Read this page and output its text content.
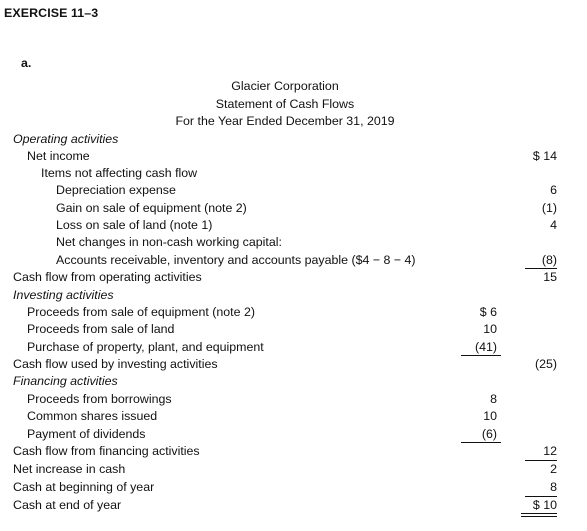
EXERCISE 11–3
a.
Glacier Corporation
Statement of Cash Flows
For the Year Ended December 31, 2019
Operating activities
Net income	$ 14
Items not affecting cash flow
Depreciation expense	6
Gain on sale of equipment (note 2)	(1)
Loss on sale of land (note 1)	4
Net changes in non-cash working capital:
Accounts receivable, inventory and accounts payable ($4 − 8 − 4)	(8)
Cash flow from operating activities	15
Investing activities
Proceeds from sale of equipment (note 2)	$ 6
Proceeds from sale of land	10
Purchase of property, plant, and equipment	(41)
Cash flow used by investing activities	(25)
Financing activities
Proceeds from borrowings	8
Common shares issued	10
Payment of dividends	(6)
Cash flow from financing activities	12
Net increase in cash	2
Cash at beginning of year	8
Cash at end of year	$ 10
